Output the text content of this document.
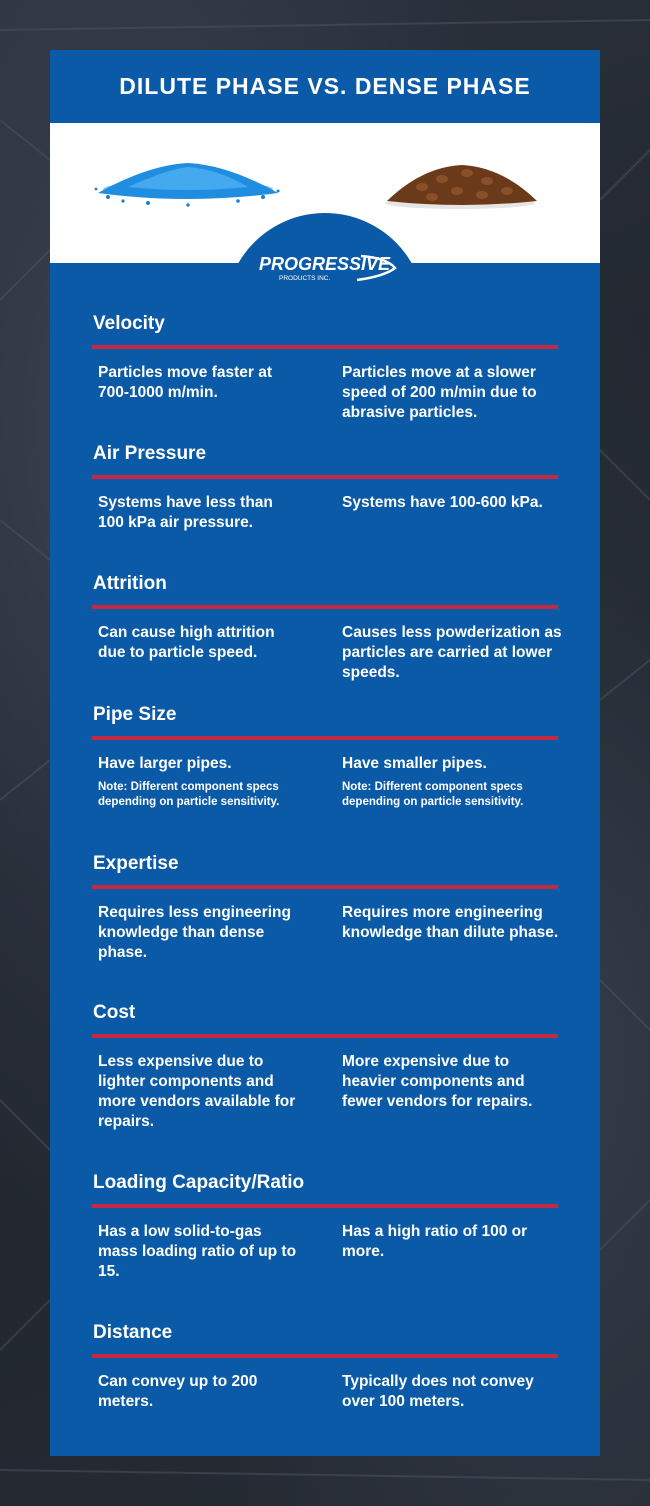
DILUTE PHASE VS. DENSE PHASE
PROGRESSIVE
PRODUCTS INC.
Velocity
Particles move faster at 700-1000 m/min.
Particles move at a slower speed of 200 m/min due to abrasive particles.
Air Pressure
Systems have less than 100 kPa air pressure.
Systems have 100-600 kPa.
Attrition
Can cause high attrition due to particle speed.
Causes less powderization as particles are carried at lower speeds.
Pipe Size
Have larger pipes.
Note: Different component specs depending on particle sensitivity.
Have smaller pipes.
Note: Different component specs depending on particle sensitivity.
Expertise
Requires less engineering knowledge than dense phase.
Requires more engineering knowledge than dilute phase.
Cost
Less expensive due to lighter components and more vendors available for repairs.
More expensive due to heavier components and fewer vendors for repairs.
Loading Capacity/Ratio
Has a low solid-to-gas mass loading ratio of up to 15.
Has a high ratio of 100 or more.
Distance
Can convey up to 200 meters.
Typically does not convey over 100 meters.
